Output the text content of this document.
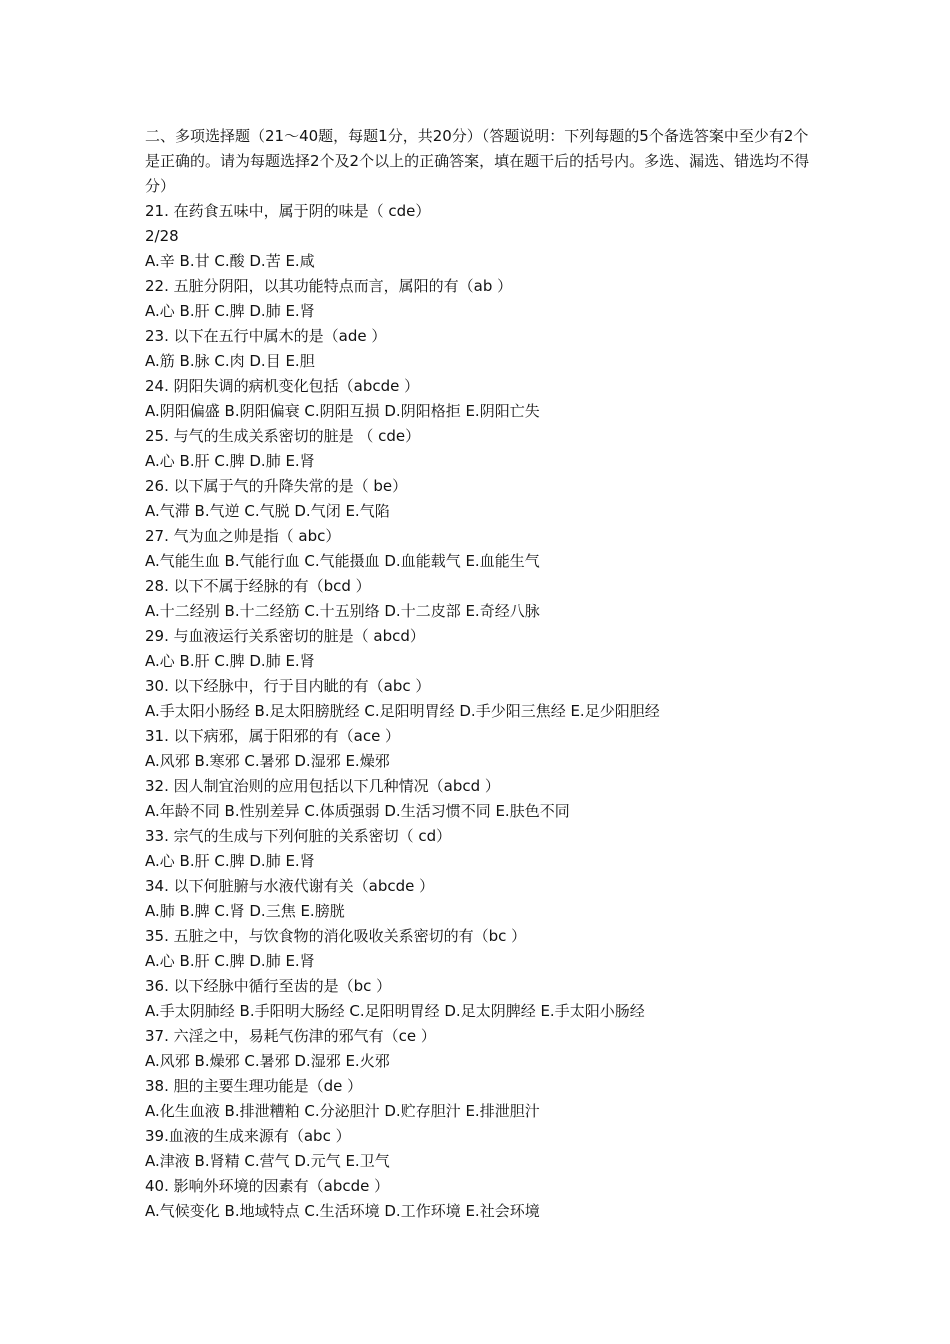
二、多项选择题（21～40题，每题1分，共20分）（答题说明：下列每题的5个备选答案中至少有2个是正确的。请为每题选择2个及2个以上的正确答案，填在题干后的括号内。多选、漏选、错选均不得分）

21. 在药食五味中，属于阴的味是（ cde）
2/28
A.辛 B.甘 C.酸 D.苦 E.咸
22. 五脏分阴阳，以其功能特点而言，属阳的有（ab ）
A.心 B.肝 C.脾 D.肺 E.肾
23. 以下在五行中属木的是（ade ）
A.筋 B.脉 C.肉 D.目 E.胆
24. 阴阳失调的病机变化包括（abcde ）
A.阴阳偏盛 B.阴阳偏衰 C.阴阳互损 D.阴阳格拒 E.阴阳亡失
25. 与气的生成关系密切的脏是 （ cde）
A.心 B.肝 C.脾 D.肺 E.肾
26. 以下属于气的升降失常的是（ be）
A.气滞 B.气逆 C.气脱 D.气闭 E.气陷
27. 气为血之帅是指（ abc）
A.气能生血 B.气能行血 C.气能摄血 D.血能载气 E.血能生气
28. 以下不属于经脉的有（bcd ）
A.十二经别 B.十二经筋 C.十五别络 D.十二皮部 E.奇经八脉
29. 与血液运行关系密切的脏是（ abcd）
A.心 B.肝 C.脾 D.肺 E.肾
30. 以下经脉中，行于目内眦的有（abc ）
A.手太阳小肠经 B.足太阳膀胱经 C.足阳明胃经 D.手少阳三焦经 E.足少阳胆经
31. 以下病邪，属于阳邪的有（ace ）
A.风邪 B.寒邪 C.暑邪 D.湿邪 E.燥邪
32. 因人制宜治则的应用包括以下几种情况（abcd ）
A.年龄不同 B.性别差异 C.体质强弱 D.生活习惯不同 E.肤色不同
33. 宗气的生成与下列何脏的关系密切（ cd）
A.心 B.肝 C.脾 D.肺 E.肾
34. 以下何脏腑与水液代谢有关（abcde ）
A.肺 B.脾 C.肾 D.三焦 E.膀胱
35. 五脏之中，与饮食物的消化吸收关系密切的有（bc ）
A.心 B.肝 C.脾 D.肺 E.肾
36. 以下经脉中循行至齿的是（bc ）
A.手太阴肺经 B.手阳明大肠经 C.足阳明胃经 D.足太阴脾经 E.手太阳小肠经
37. 六淫之中，易耗气伤津的邪气有（ce ）
A.风邪 B.燥邪 C.暑邪 D.湿邪 E.火邪
38. 胆的主要生理功能是（de ）
A.化生血液 B.排泄糟粕 C.分泌胆汁 D.贮存胆汁 E.排泄胆汁
39.血液的生成来源有（abc ）
A.津液 B.肾精 C.营气 D.元气 E.卫气
40. 影响外环境的因素有（abcde ）
A.气候变化 B.地域特点 C.生活环境 D.工作环境 E.社会环境
